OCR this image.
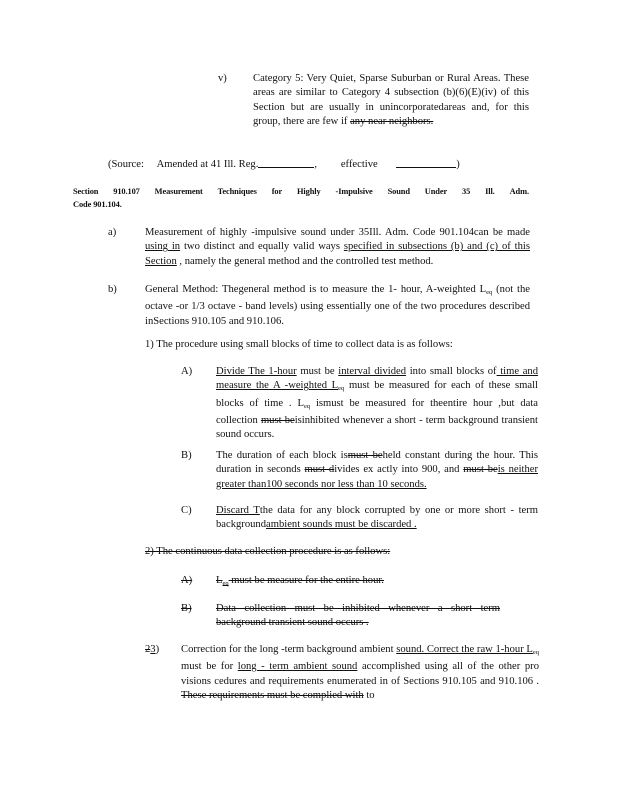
v) Category 5: Very Quiet, Sparse Suburban or Rural Areas. These areas are similar to Category 4 subsection (b)(6)(E)(iv) of this Section but are usually in unincorporatedareas and, for this group, there are few if any near neighbors.
(Source: Amended at 41 Ill. Reg.	,         effective	)
Section 910.107 Measurement Techniques for Highly -Impulsive Sound Under 35 Ill. Adm.
Code 901.104.
a)	Measurement of highly -impulsive sound under 35Ill. Adm. Code 901.104can be made using in two distinct and equally valid ways specified in subsections (b) and (c) of this Section , namely the general method and the controlled test method.
b)	General Method: Thegeneral method is to measure the 1- hour, A-weighted $L_{eq}$ (not the octave -or 1/3 octave - band levels) using essentially one of the two procedures described inSections 910.105 and 910.106.
1) The procedure using small blocks of time to collect data is as follows:
A) Divide The 1-hour must be interval divided into small blocks of time and measure the A -weighted $L_{eq}$ must be measured for each of these small blocks of time . $L_{eq}$ ismust be measured for theentire hour ,but data collection must beisinhibited whenever a short - term background transient sound occurs.
B) The duration of each block ismust beheld constant during the hour. This duration in seconds must divides ex actly into 900, and must beis neither greater than100 seconds nor less than 10 seconds.
C) Discard Tthe data for any block corrupted by one or more short - term backgroundambient sounds must be discarded .
2) The continuous data collection procedure is as follows:
A) $L_{eq}$ must be measure for the entire hour.
B) Data collection must be inhibited whenever a short term background transient sound occurs .
23) Correction for the long -term background ambient sound. Correct the raw 1-hour $L_{eq}$ must be for long - term ambient sound accomplished using all of the other pro visions cedures and requirements enumerated in of Sections 910.105 and 910.106 . These requirements must be complied with to
